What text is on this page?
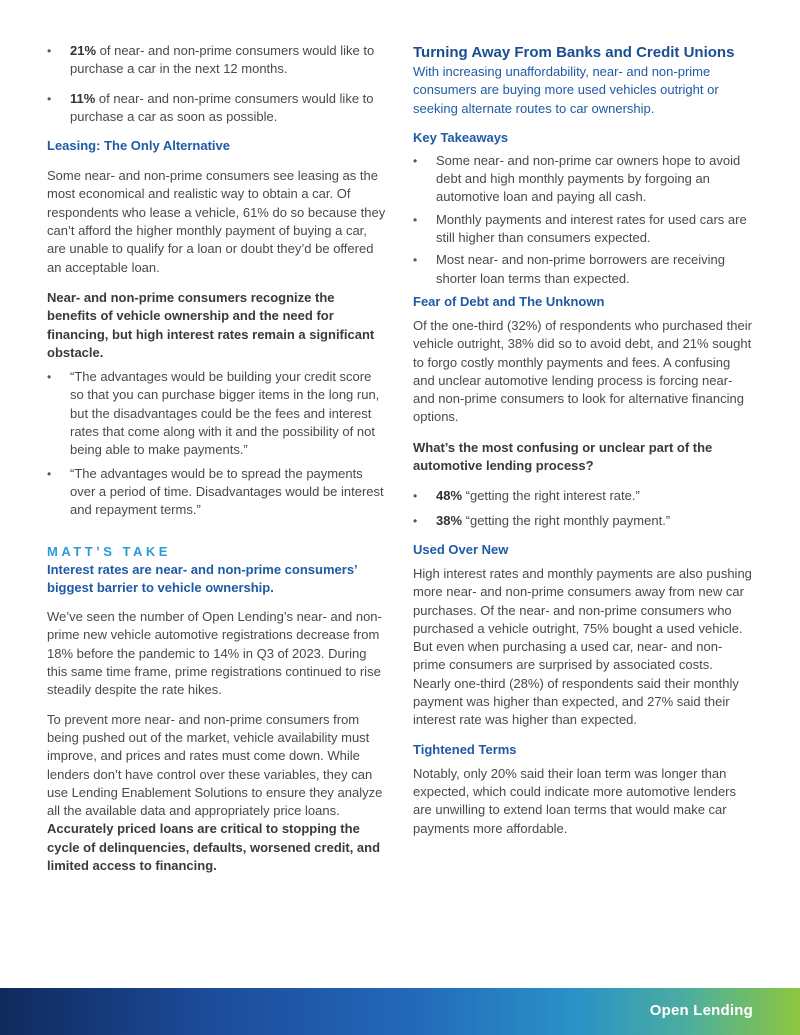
• 21% of near- and non-prime consumers would like to purchase a car in the next 12 months.
• 11% of near- and non-prime consumers would like to purchase a car as soon as possible.
Leasing: The Only Alternative

Some near- and non-prime consumers see leasing as the most economical and realistic way to obtain a car. Of respondents who lease a vehicle, 61% do so because they can’t afford the higher monthly payment of buying a car, are unable to qualify for a loan or doubt they’d be offered an acceptable loan.

Near- and non-prime consumers recognize the benefits of vehicle ownership and the need for financing, but high interest rates remain a significant obstacle.

• “The advantages would be building your credit score so that you can purchase bigger items in the long run, but the disadvantages could be the fees and interest rates that come along with it and the possibility of not being able to make payments.”
• “The advantages would be to spread the payments over a period of time. Disadvantages would be interest and repayment terms.”
MATT’S TAKE
Interest rates are near- and non-prime consumers’ biggest barrier to vehicle ownership.

We’ve seen the number of Open Lending’s near- and non-prime new vehicle automotive registrations decrease from 18% before the pandemic to 14% in Q3 of 2023. During this same time frame, prime registrations continued to rise steadily despite the rate hikes.

To prevent more near- and non-prime consumers from being pushed out of the market, vehicle availability must improve, and prices and rates must come down. While lenders don’t have control over these variables, they can use Lending Enablement Solutions to ensure they analyze all the available data and appropriately price loans. Accurately priced loans are critical to stopping the cycle of delinquencies, defaults, worsened credit, and limited access to financing.

Turning Away From Banks and Credit Unions

With increasing unaffordability, near- and non-prime consumers are buying more used vehicles outright or seeking alternate routes to car ownership.

Key Takeaways
• Some near- and non-prime car owners hope to avoid debt and high monthly payments by forgoing an automotive loan and paying all cash.
• Monthly payments and interest rates for used cars are still higher than consumers expected.
• Most near- and non-prime borrowers are receiving shorter loan terms than expected.
Fear of Debt and The Unknown

Of the one-third (32%) of respondents who purchased their vehicle outright, 38% did so to avoid debt, and 21% sought to forgo costly monthly payments and fees. A confusing and unclear automotive lending process is forcing near- and non-prime consumers to look for alternative financing options.

What’s the most confusing or unclear part of the automotive lending process?

• 48% “getting the right interest rate.”
• 38% “getting the right monthly payment.”
Used Over New

High interest rates and monthly payments are also pushing more near- and non-prime consumers away from new car purchases. Of the near- and non-prime consumers who purchased a vehicle outright, 75% bought a used vehicle. But even when purchasing a used car, near- and non-prime consumers are surprised by associated costs. Nearly one-third (28%) of respondents said their monthly payment was higher than expected, and 27% said their interest rate was higher than expected.

Tightened Terms

Notably, only 20% said their loan term was longer than expected, which could indicate more automotive lenders are unwilling to extend loan terms that would make car payments more affordable.

Open Lending
